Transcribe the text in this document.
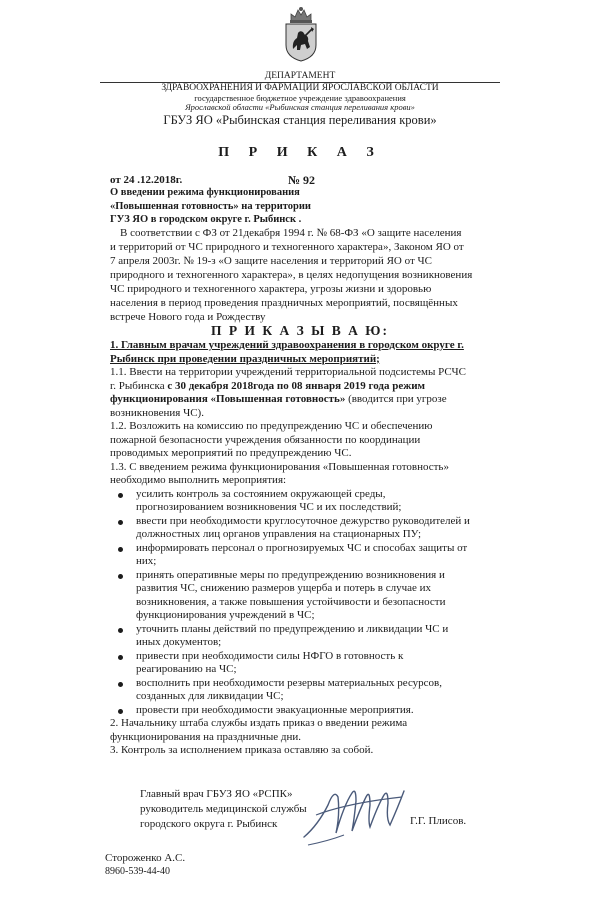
ДЕПАРТАМЕНТ
ЗДРАВООХРАНЕНИЯ И ФАРМАЦИИ ЯРОСЛАВСКОЙ ОБЛАСТИ
государственное бюджетное учреждение здравоохранения
Ярославской области «Рыбинская станция переливания крови»
ГБУЗ ЯО «Рыбинская станция переливания крови»
П Р И К А З
от 24 .12.2018г.	№ 92
О введении режима функционирования
«Повышенная готовность» на территории
ГУЗ ЯО в городском округе г. Рыбинск .
В соответствии с ФЗ от 21декабря 1994 г. № 68-ФЗ «О защите населения
и территорий от ЧС природного и техногенного характера», Законом ЯО от
7 апреля 2003г. № 19-з «О защите населения и территорий ЯО от ЧС
природного и техногенного характера», в целях недопущения возникновения
ЧС природного и техногенного характера, угрозы жизни и здоровью
населения в период проведения праздничных мероприятий, посвящённых
встрече Нового года и Рождеству
П Р И К А З Ы В А Ю:
1. Главным врачам учреждений здравоохранения в городском округе г.
Рыбинск при проведении праздничных мероприятий;
1.1. Ввести на территории учреждений территориальной подсистемы РСЧС
г. Рыбинска с 30 декабря 2018года по 08 января 2019 года режим
функционирования «Повышенная готовность» (вводится при угрозе
возникновения ЧС).
1.2. Возложить на комиссию по предупреждению ЧС и обеспечению
пожарной безопасности учреждения обязанности по координации
проводимых мероприятий по предупреждению ЧС.
1.3. С введением режима функционирования «Повышенная готовность»
необходимо выполнить мероприятия:
усилить контроль за состоянием окружающей среды,
прогнозированием возникновения ЧС и их последствий;
ввести при необходимости круглосуточное дежурство руководителей и
должностных лиц органов управления на стационарных ПУ;
информировать персонал о прогнозируемых ЧС и способах защиты от
них;
принять оперативные меры по предупреждению возникновения и
развития ЧС, снижению размеров ущерба и потерь в случае их
возникновения, а также повышения устойчивости и безопасности
функционирования учреждений в ЧС;
уточнить планы действий по предупреждению и ликвидации ЧС и
иных документов;
привести при необходимости силы НФГО в готовность к
реагированию на ЧС;
восполнить при необходимости резервы материальных ресурсов,
созданных для ликвидации ЧС;
провести при необходимости эвакуационные мероприятия.
2. Начальнику штаба службы издать приказ о введении режима
функционирования на праздничные дни.
3. Контроль за исполнением приказа оставляю за собой.
Главный врач ГБУЗ ЯО «РСПК»
руководитель медицинской службы
городского округа г. Рыбинск	Г.Г. Плисов.
Стороженко А.С.
8960-539-44-40
